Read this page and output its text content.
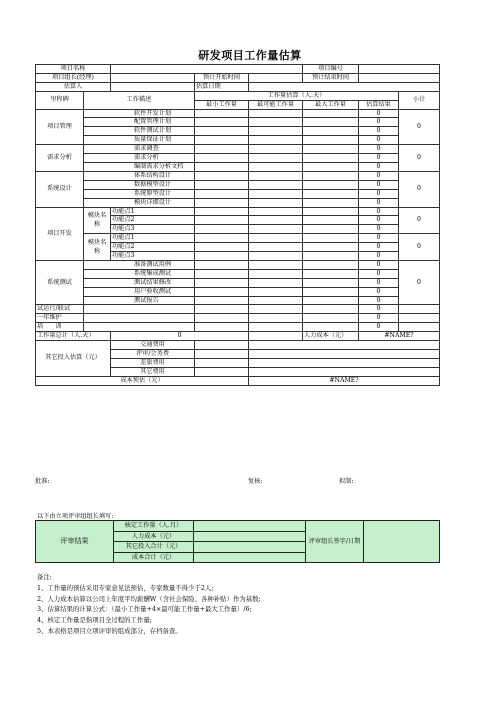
研发项目工作量估算
项目名称					项目编号		
项目组长(经理)			预计开始时间		预计结束时间		
估算人			估算日期				
里程碑	工作描述		工作量估算（人.天）				小计
			最小工作量	最可能工作量	最大工作量	估算结果	
项目管理	软件开发计划					0	0
	配置管理计划					0	
	软件测试计划					0	
	质量保证计划					0	
需求分析	需求调查					0	0
	需求分析					0	
	编制需求分析文档					0	
系统设计	体系结构设计					0	0
	数据模型设计					0	
	系统原型设计					0	
	模块详细设计					0	
项目开发	模块名称	功能点1				0	0
		功能点2				0	
		功能点3				0	
	模块名称	功能点1				0	0
		功能点2				0	
		功能点3				0	
系统测试	准备测试用例					0	0
	系统集成测试					0	
	测试结果修改					0	
	用户验收测试					0	
	测试报告					0	
试运行/联试						0	
一年维护						0	
培　　训						0	
工作量总计（人.天）		0			人力成本（元）	#NAME?	
其它投入估算（元）		交通费用					
		评审/会务费					
		差旅费用					
		其它费用					
成本预估（元）				#NAME?			
批准:	复核:	拟制:
以下由立项评审组组长填写:
评审结果	核定工作量（人.月）		评审组长签字/日期	
	人力成本（元）			
	其它投入合计（元）			
	成本合计（元）			
备注:
1、工作量的预估采用专家意见法预估，专家数量不得少于2人;
2、人力成本估算以公司上年度平均薪酬W（含社会保险、各种补贴）作为基数;
3、估算结果的计算公式：（最小工作量+4×最可能工作量+最大工作量）/6;
4、核定工作量是指项目全过程的工作量;
5、本表格是项目立项评审的组成部分，存档备查。
